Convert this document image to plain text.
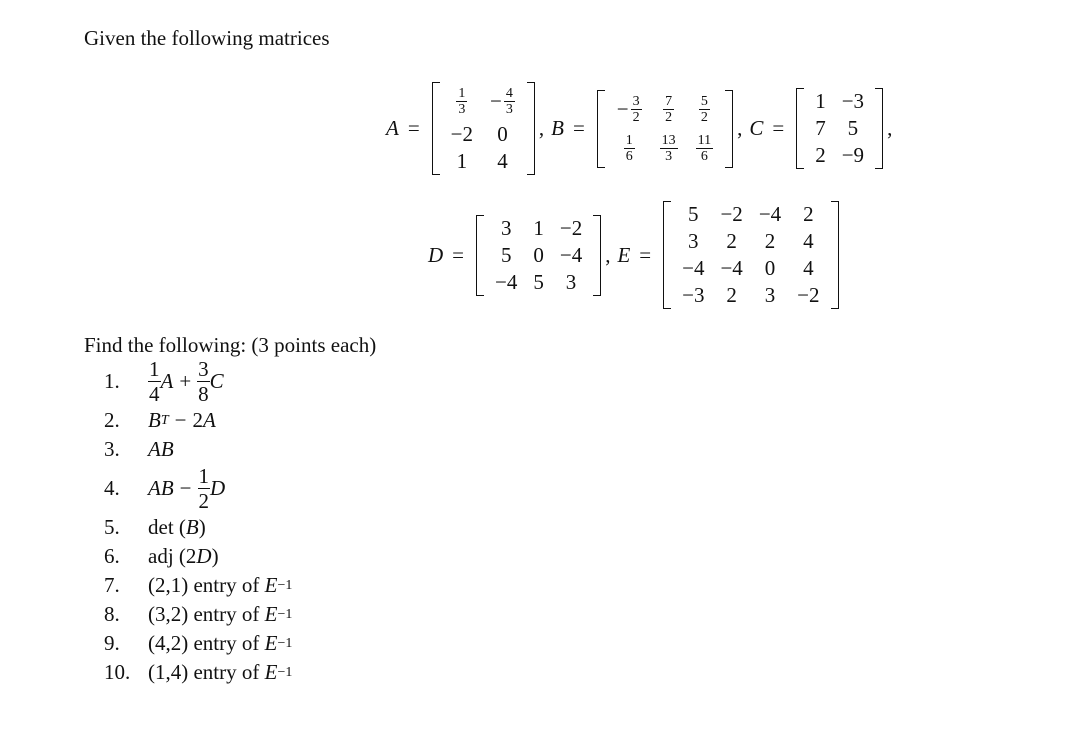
Given the following matrices
A =
$\frac{1}{3}$	− $\frac{4}{3}$

−2	0
1	4
, B =
− $\frac{3}{2}$	$\frac{7}{2}$	$\frac{5}{2}$

$\frac{1}{6}$	$\frac{13}{3}$	$\frac{11}{6}$
, C =
1	−3
7	5
2	−9
,
D =
3	1	−2
5	0	−4
−4	5	3
, E =
5	−2	−4	2
3	2	2	4
−4	−4	0	4
−3	2	3	−2
Find the following: (3 points each)
1.	1
4
$A + \frac{3}{8}$ C
2.	B T − 2 A
3.	AB
4.	AB − $\frac{1}{2}$ D
5.	det ( B )
6.	adj ( 2 D )
7.	(2,1) entry of
E −1
8.	(3,2) entry of
E −1
9.	(4,2) entry of
E −1
10. (1,4) entry of
E −1
